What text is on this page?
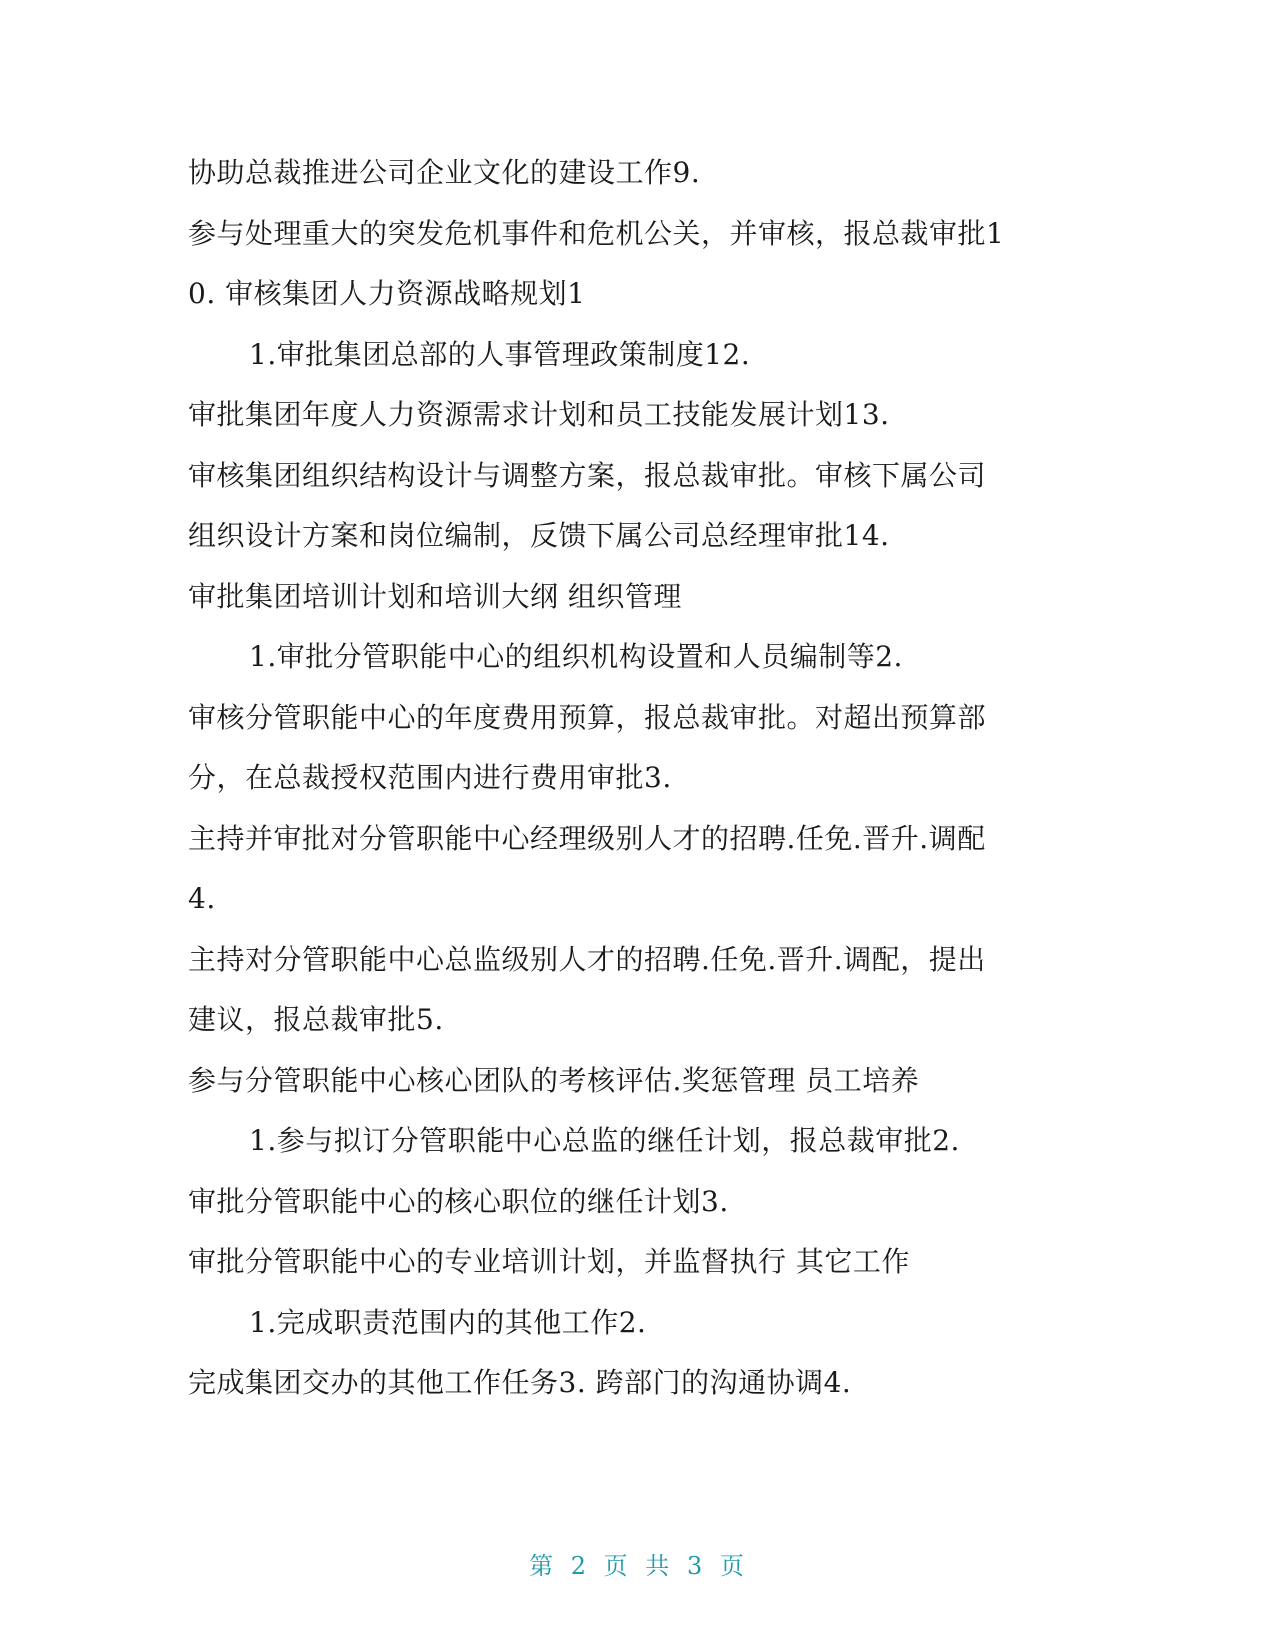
协助总裁推进公司企业文化的建设工作9.
参与处理重大的突发危机事件和危机公关，并审核，报总裁审批1
0. 审核集团人力资源战略规划1
1.审批集团总部的人事管理政策制度12.
审批集团年度人力资源需求计划和员工技能发展计划13.
审核集团组织结构设计与调整方案，报总裁审批。审核下属公司
组织设计方案和岗位编制，反馈下属公司总经理审批14.
审批集团培训计划和培训大纲 组织管理
1.审批分管职能中心的组织机构设置和人员编制等2.
审核分管职能中心的年度费用预算，报总裁审批。对超出预算部
分，在总裁授权范围内进行费用审批3.
主持并审批对分管职能中心经理级别人才的招聘.任免.晋升.调配
4.
主持对分管职能中心总监级别人才的招聘.任免.晋升.调配，提出
建议，报总裁审批5.
参与分管职能中心核心团队的考核评估.奖惩管理 员工培养
1.参与拟订分管职能中心总监的继任计划，报总裁审批2.
审批分管职能中心的核心职位的继任计划3.
审批分管职能中心的专业培训计划，并监督执行 其它工作
1.完成职责范围内的其他工作2.
完成集团交办的其他工作任务3. 跨部门的沟通协调4.
第 2 页 共 3 页
